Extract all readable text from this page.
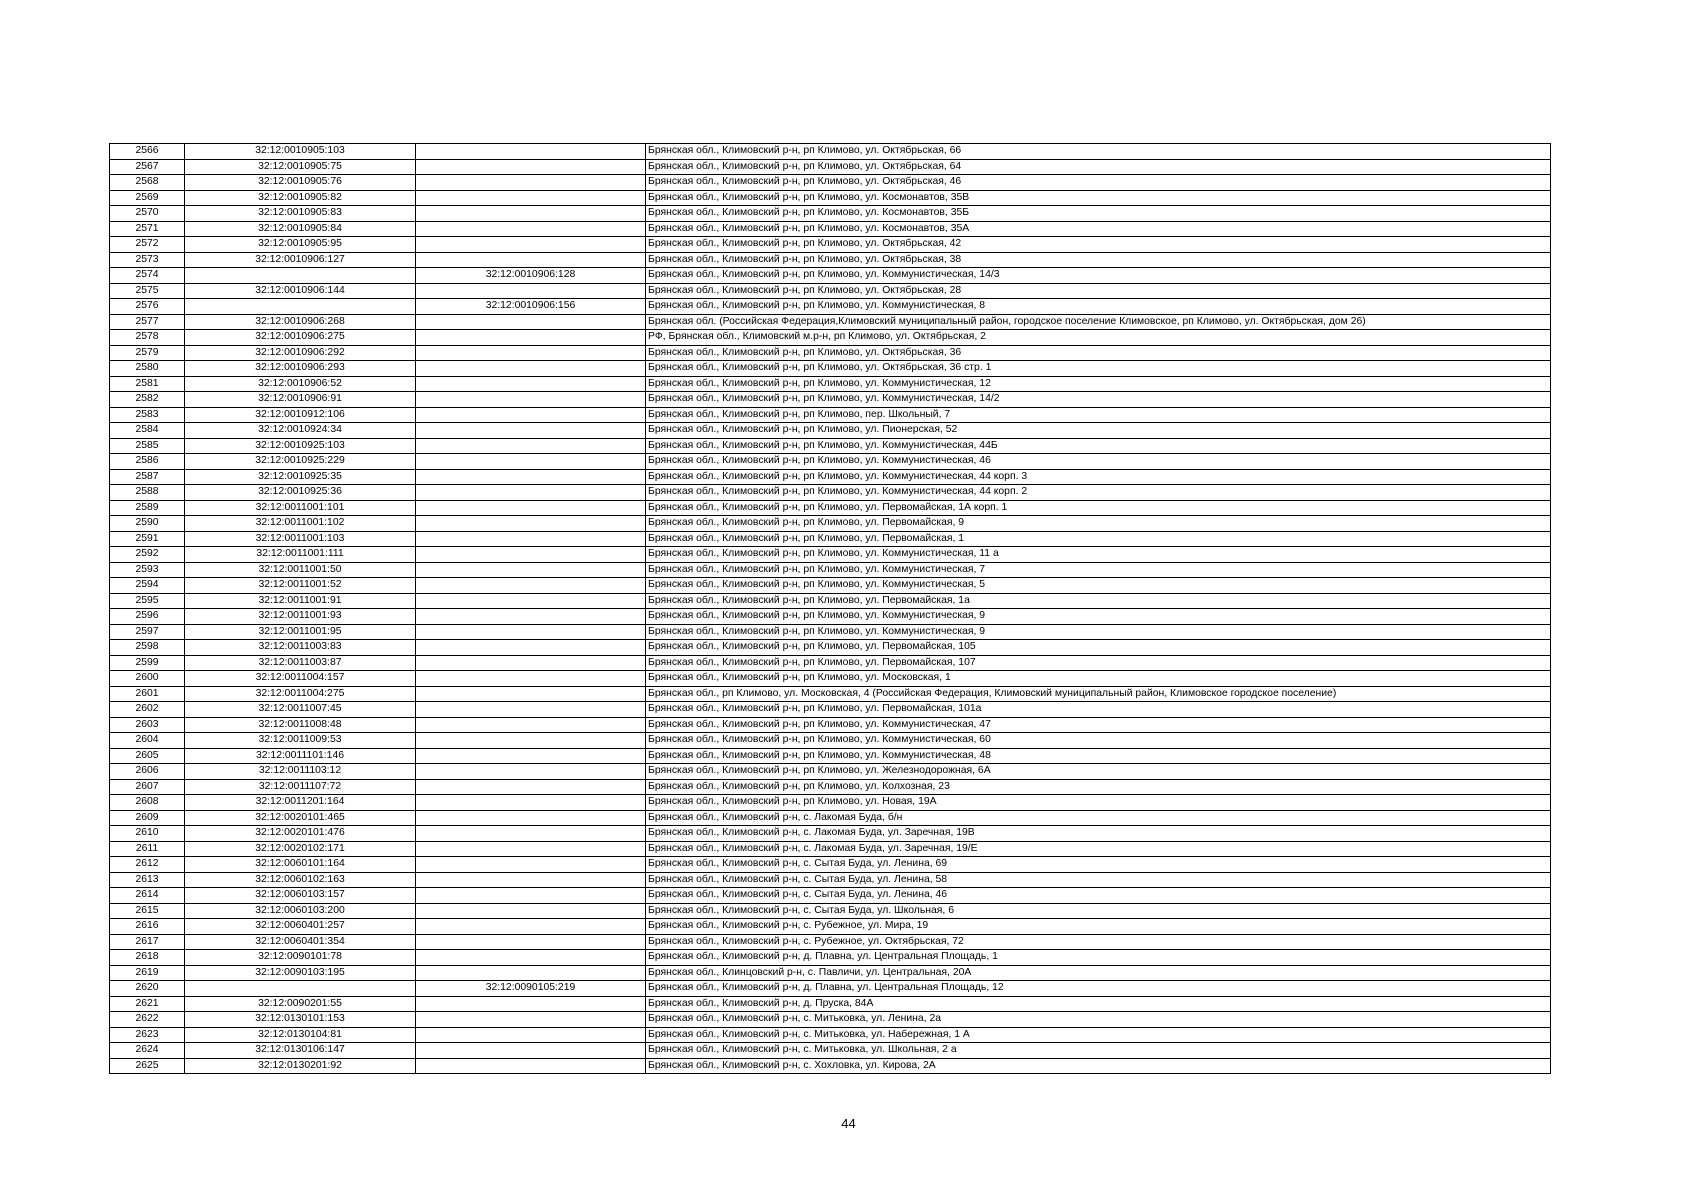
2566	32:12:0010905:103		Брянская обл., Климовский р-н, рп Климово, ул. Октябрьская, 66
2567	32:12:0010905:75		Брянская обл., Климовский р-н, рп Климово, ул. Октябрьская, 64
2568	32:12:0010905:76		Брянская обл., Климовский р-н, рп Климово, ул. Октябрьская, 46
2569	32:12:0010905:82		Брянская обл., Климовский р-н, рп Климово, ул. Космонавтов, 35В
2570	32:12:0010905:83		Брянская обл., Климовский р-н, рп Климово, ул. Космонавтов, 35Б
2571	32:12:0010905:84		Брянская обл., Климовский р-н, рп Климово, ул. Космонавтов, 35А
2572	32:12:0010905:95		Брянская обл., Климовский р-н, рп Климово, ул. Октябрьская, 42
2573	32:12:0010906:127		Брянская обл., Климовский р-н, рп Климово, ул. Октябрьская, 38
2574		32:12:0010906:128	Брянская обл., Климовский р-н, рп Климово, ул. Коммунистическая, 14/3
2575	32:12:0010906:144		Брянская обл., Климовский р-н, рп Климово, ул. Октябрьская, 28
2576		32:12:0010906:156	Брянская обл., Климовский р-н, рп Климово, ул. Коммунистическая, 8
2577	32:12:0010906:268		Брянская обл. (Российская Федерация,Климовский муниципальный район, городское поселение Климовское, рп Климово, ул. Октябрьская, дом 26)
2578	32:12:0010906:275		РФ, Брянская обл., Климовский м.р-н, рп Климово, ул. Октябрьская, 2
2579	32:12:0010906:292		Брянская обл., Климовский р-н, рп Климово, ул. Октябрьская, 36
2580	32:12:0010906:293		Брянская обл., Климовский р-н, рп Климово, ул. Октябрьская, 36 стр. 1
2581	32:12:0010906:52		Брянская обл., Климовский р-н, рп Климово, ул. Коммунистическая, 12
2582	32:12:0010906:91		Брянская обл., Климовский р-н, рп Климово, ул. Коммунистическая, 14/2
2583	32:12:0010912:106		Брянская обл., Климовский р-н, рп Климово, пер. Школьный, 7
2584	32:12:0010924:34		Брянская обл., Климовский р-н, рп Климово, ул. Пионерская, 52
2585	32:12:0010925:103		Брянская обл., Климовский р-н, рп Климово, ул. Коммунистическая, 44Б
2586	32:12:0010925:229		Брянская обл., Климовский р-н, рп Климово, ул. Коммунистическая, 46
2587	32:12:0010925:35		Брянская обл., Климовский р-н, рп Климово, ул. Коммунистическая, 44 корп. 3
2588	32:12:0010925:36		Брянская обл., Климовский р-н, рп Климово, ул. Коммунистическая, 44 корп. 2
2589	32:12:0011001:101		Брянская обл., Климовский р-н, рп Климово, ул. Первомайская, 1А корп. 1
2590	32:12:0011001:102		Брянская обл., Климовский р-н, рп Климово, ул. Первомайская, 9
2591	32:12:0011001:103		Брянская обл., Климовский р-н, рп Климово, ул. Первомайская, 1
2592	32:12:0011001:111		Брянская обл., Климовский р-н, рп Климово, ул. Коммунистическая, 11 а
2593	32:12:0011001:50		Брянская обл., Климовский р-н, рп Климово, ул. Коммунистическая, 7
2594	32:12:0011001:52		Брянская обл., Климовский р-н, рп Климово, ул. Коммунистическая, 5
2595	32:12:0011001:91		Брянская обл., Климовский р-н, рп Климово, ул. Первомайская, 1а
2596	32:12:0011001:93		Брянская обл., Климовский р-н, рп Климово, ул. Коммунистическая, 9
2597	32:12:0011001:95		Брянская обл., Климовский р-н, рп Климово, ул. Коммунистическая, 9
2598	32:12:0011003:83		Брянская обл., Климовский р-н, рп Климово, ул. Первомайская, 105
2599	32:12:0011003:87		Брянская обл., Климовский р-н, рп Климово, ул. Первомайская, 107
2600	32:12:0011004:157		Брянская обл., Климовский р-н, рп Климово, ул. Московская, 1
2601	32:12:0011004:275		Брянская обл., рп Климово, ул. Московская, 4 (Российская Федерация, Климовский муниципальный район, Климовское городское поселение)
2602	32:12:0011007:45		Брянская обл., Климовский р-н, рп Климово, ул. Первомайская, 101а
2603	32:12:0011008:48		Брянская обл., Климовский р-н, рп Климово, ул. Коммунистическая, 47
2604	32:12:0011009:53		Брянская обл., Климовский р-н, рп Климово, ул. Коммунистическая, 60
2605	32:12:0011101:146		Брянская обл., Климовский р-н, рп Климово, ул. Коммунистическая, 48
2606	32:12:0011103:12		Брянская обл., Климовский р-н, рп Климово, ул. Железнодорожная, 6А
2607	32:12:0011107:72		Брянская обл., Климовский р-н, рп Климово, ул. Колхозная, 23
2608	32:12:0011201:164		Брянская обл., Климовский р-н, рп Климово, ул. Новая, 19А
2609	32:12:0020101:465		Брянская обл., Климовский р-н, с. Лакомая Буда, б/н
2610	32:12:0020101:476		Брянская обл., Климовский р-н, с. Лакомая Буда, ул. Заречная, 19В
2611	32:12:0020102:171		Брянская обл., Климовский р-н, с. Лакомая Буда, ул. Заречная, 19/Е
2612	32:12:0060101:164		Брянская обл., Климовский р-н, с. Сытая Буда, ул. Ленина, 69
2613	32:12:0060102:163		Брянская обл., Климовский р-н, с. Сытая Буда, ул. Ленина, 58
2614	32:12:0060103:157		Брянская обл., Климовский р-н, с. Сытая Буда, ул. Ленина, 46
2615	32:12:0060103:200		Брянская обл., Климовский р-н, с. Сытая Буда, ул. Школьная, 6
2616	32:12:0060401:257		Брянская обл., Климовский р-н, с. Рубежное, ул. Мира, 19
2617	32:12:0060401:354		Брянская обл., Климовский р-н, с. Рубежное, ул. Октябрьская, 72
2618	32:12:0090101:78		Брянская обл., Климовский р-н, д. Плавна, ул. Центральная Площадь, 1
2619	32:12:0090103:195		Брянская обл., Клинцовский р-н, с. Павличи, ул. Центральная, 20А
2620		32:12:0090105:219	Брянская обл., Климовский р-н, д. Плавна, ул. Центральная Площадь, 12
2621	32:12:0090201:55		Брянская обл., Климовский р-н, д. Пруска, 84А
2622	32:12:0130101:153		Брянская обл., Климовский р-н, с. Митьковка, ул. Ленина, 2а
2623	32:12:0130104:81		Брянская обл., Климовский р-н, с. Митьковка, ул. Набережная, 1 А
2624	32:12:0130106:147		Брянская обл., Климовский р-н, с. Митьковка, ул. Школьная, 2 а
2625	32:12:0130201:92		Брянская обл., Климовский р-н, с. Хохловка, ул. Кирова, 2А
44
